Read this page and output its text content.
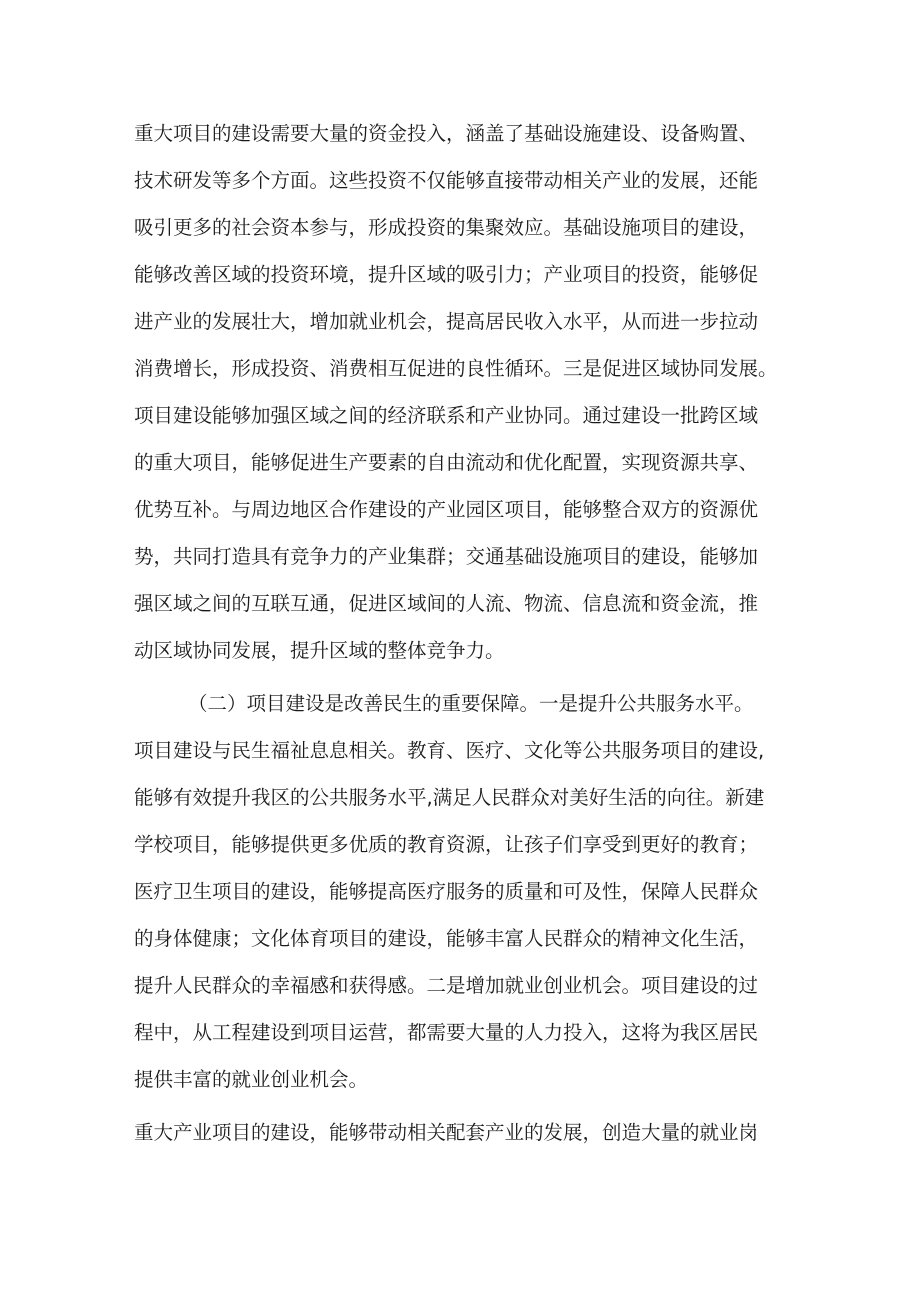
重大项目的建设需要大量的资金投入，涵盖了基础设施建设、设备购置、
技术研发等多个方面。这些投资不仅能够直接带动相关产业的发展，还能
吸引更多的社会资本参与，形成投资的集聚效应。基础设施项目的建设，
能够改善区域的投资环境，提升区域的吸引力；产业项目的投资，能够促
进产业的发展壮大，增加就业机会，提高居民收入水平，从而进一步拉动
消费增长，形成投资、消费相互促进的良性循环。三是促进区域协同发展。
项目建设能够加强区域之间的经济联系和产业协同。通过建设一批跨区域
的重大项目，能够促进生产要素的自由流动和优化配置，实现资源共享、
优势互补。与周边地区合作建设的产业园区项目，能够整合双方的资源优
势，共同打造具有竞争力的产业集群；交通基础设施项目的建设，能够加
强区域之间的互联互通，促进区域间的人流、物流、信息流和资金流，推
动区域协同发展，提升区域的整体竞争力。
（二）项目建设是改善民生的重要保障。一是提升公共服务水平。
项目建设与民生福祉息息相关。教育、医疗、文化等公共服务项目的建设,
能够有效提升我区的公共服务水平,满足人民群众对美好生活的向往。新建
学校项目，能够提供更多优质的教育资源，让孩子们享受到更好的教育；
医疗卫生项目的建设，能够提高医疗服务的质量和可及性，保障人民群众
的身体健康；文化体育项目的建设，能够丰富人民群众的精神文化生活，
提升人民群众的幸福感和获得感。二是增加就业创业机会。项目建设的过
程中，从工程建设到项目运营，都需要大量的人力投入，这将为我区居民
提供丰富的就业创业机会。
重大产业项目的建设，能够带动相关配套产业的发展，创造大量的就业岗
